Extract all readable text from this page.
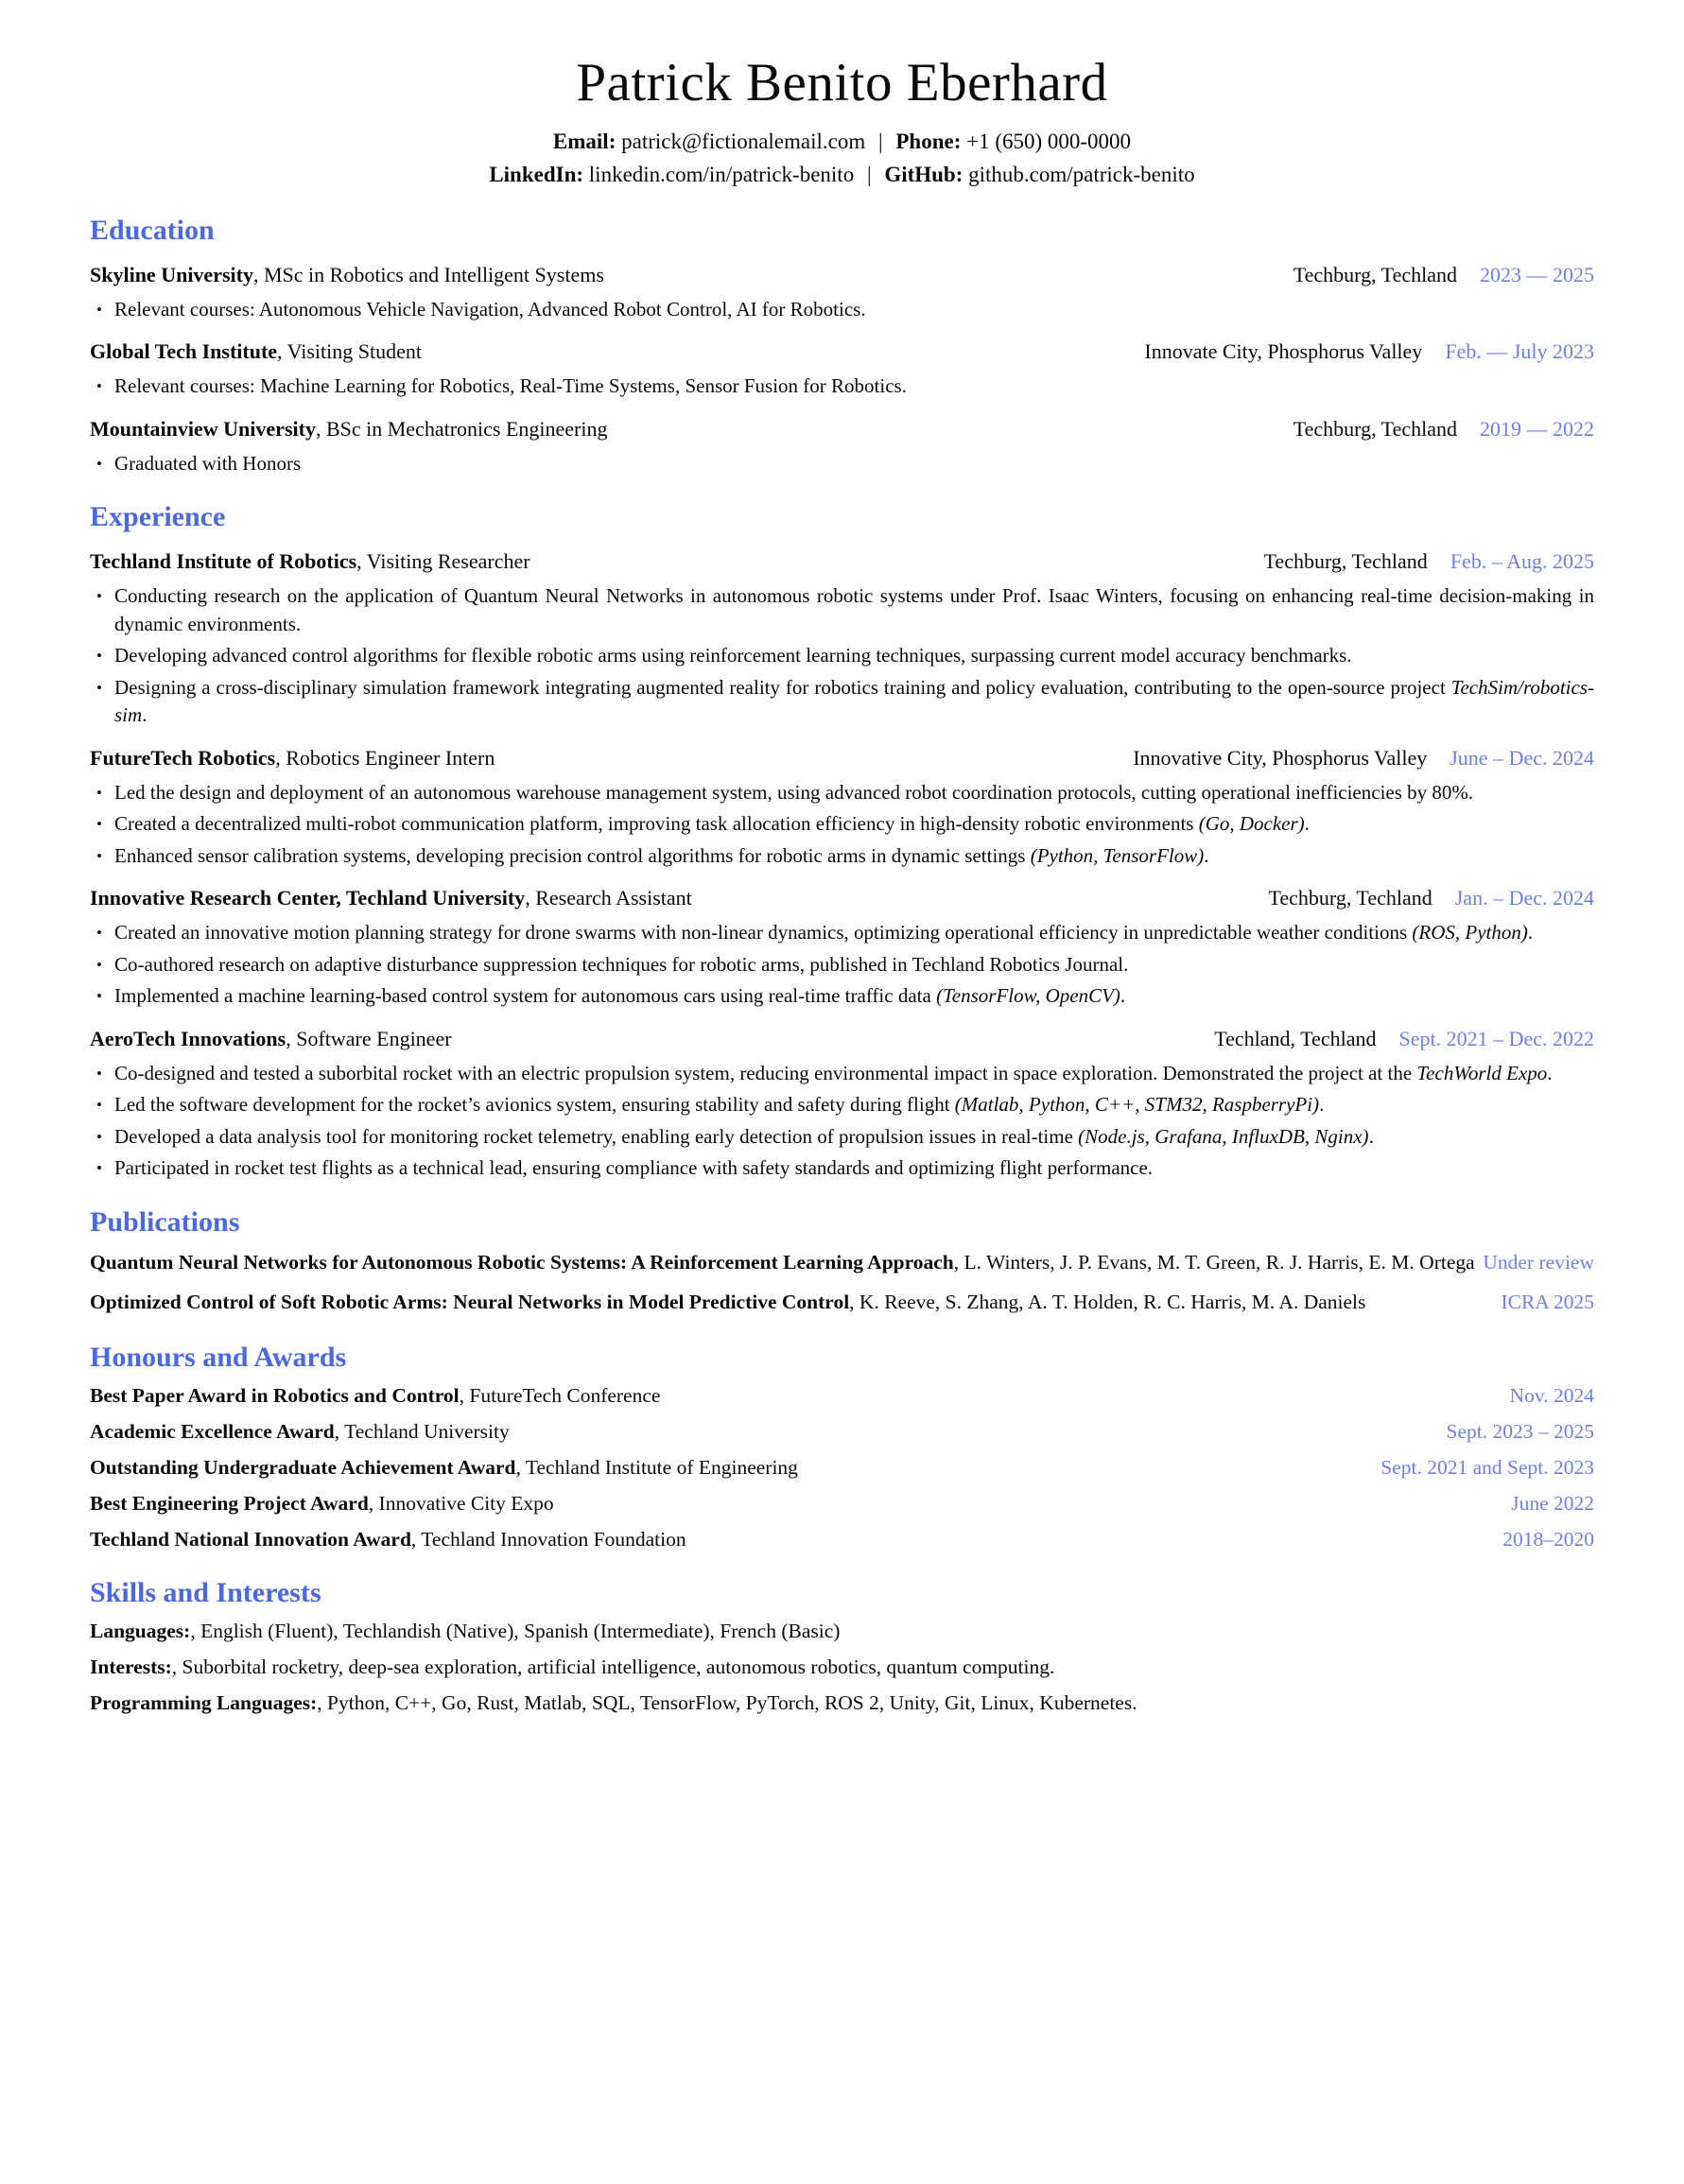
Patrick Benito Eberhard
Email: patrick@fictionalemail.com | Phone: +1 (650) 000-0000
LinkedIn: linkedin.com/in/patrick-benito | GitHub: github.com/patrick-benito
Education
Skyline University, MSc in Robotics and Intelligent Systems	Techburg, Techland 2023 — 2025
• Relevant courses: Autonomous Vehicle Navigation, Advanced Robot Control, AI for Robotics.
Global Tech Institute, Visiting Student	Innovate City, Phosphorus Valley Feb. — July 2023
• Relevant courses: Machine Learning for Robotics, Real-Time Systems, Sensor Fusion for Robotics.
Mountainview University, BSc in Mechatronics Engineering	Techburg, Techland 2019 — 2022
• Graduated with Honors
Experience
Techland Institute of Robotics, Visiting Researcher	Techburg, Techland Feb. – Aug. 2025
• Conducting research on the application of Quantum Neural Networks in autonomous robotic systems under Prof. Isaac Winters, focusing on enhancing real-time decision-making in dynamic environments.
• Developing advanced control algorithms for flexible robotic arms using reinforcement learning techniques, surpassing current model accuracy benchmarks.
• Designing a cross-disciplinary simulation framework integrating augmented reality for robotics training and policy evaluation, contributing to the open-source project TechSim/robotics-sim.
FutureTech Robotics, Robotics Engineer Intern	Innovative City, Phosphorus Valley June – Dec. 2024
• Led the design and deployment of an autonomous warehouse management system, using advanced robot coordination protocols, cutting operational inefficiencies by 80%.
• Created a decentralized multi-robot communication platform, improving task allocation efficiency in high-density robotic environments (Go, Docker).
• Enhanced sensor calibration systems, developing precision control algorithms for robotic arms in dynamic settings (Python, TensorFlow).
Innovative Research Center, Techland University, Research Assistant	Techburg, Techland Jan. – Dec. 2024
• Created an innovative motion planning strategy for drone swarms with non-linear dynamics, optimizing operational efficiency in unpredictable weather conditions (ROS, Python).
• Co-authored research on adaptive disturbance suppression techniques for robotic arms, published in Techland Robotics Journal.
• Implemented a machine learning-based control system for autonomous cars using real-time traffic data (TensorFlow, OpenCV).
AeroTech Innovations, Software Engineer	Techland, Techland Sept. 2021 – Dec. 2022
• Co-designed and tested a suborbital rocket with an electric propulsion system, reducing environmental impact in space exploration. Demonstrated the project at the TechWorld Expo.
• Led the software development for the rocket’s avionics system, ensuring stability and safety during flight (Matlab, Python, C++, STM32, RaspberryPi).
• Developed a data analysis tool for monitoring rocket telemetry, enabling early detection of propulsion issues in real-time (Node.js, Grafana, InfluxDB, Nginx).
• Participated in rocket test flights as a technical lead, ensuring compliance with safety standards and optimizing flight performance.
Publications
Quantum Neural Networks for Autonomous Robotic Systems: A Reinforcement Learning Approach, L. Winters, J. P. Evans, M. T. Green, R. J. Harris, E. M. Ortega Under review
Optimized Control of Soft Robotic Arms: Neural Networks in Model Predictive Control, K. Reeve, S. Zhang, A. T. Holden, R. C. Harris, M. A. Daniels	ICRA 2025
Honours and Awards
Best Paper Award in Robotics and Control, FutureTech Conference	Nov. 2024
Academic Excellence Award, Techland University	Sept. 2023 – 2025
Outstanding Undergraduate Achievement Award, Techland Institute of Engineering	Sept. 2021 and Sept. 2023
Best Engineering Project Award, Innovative City Expo	June 2022
Techland National Innovation Award, Techland Innovation Foundation	2018–2020
Skills and Interests
Languages:, English (Fluent), Techlandish (Native), Spanish (Intermediate), French (Basic)
Interests:, Suborbital rocketry, deep-sea exploration, artificial intelligence, autonomous robotics, quantum computing.
Programming Languages:, Python, C++, Go, Rust, Matlab, SQL, TensorFlow, PyTorch, ROS 2, Unity, Git, Linux, Kubernetes.
